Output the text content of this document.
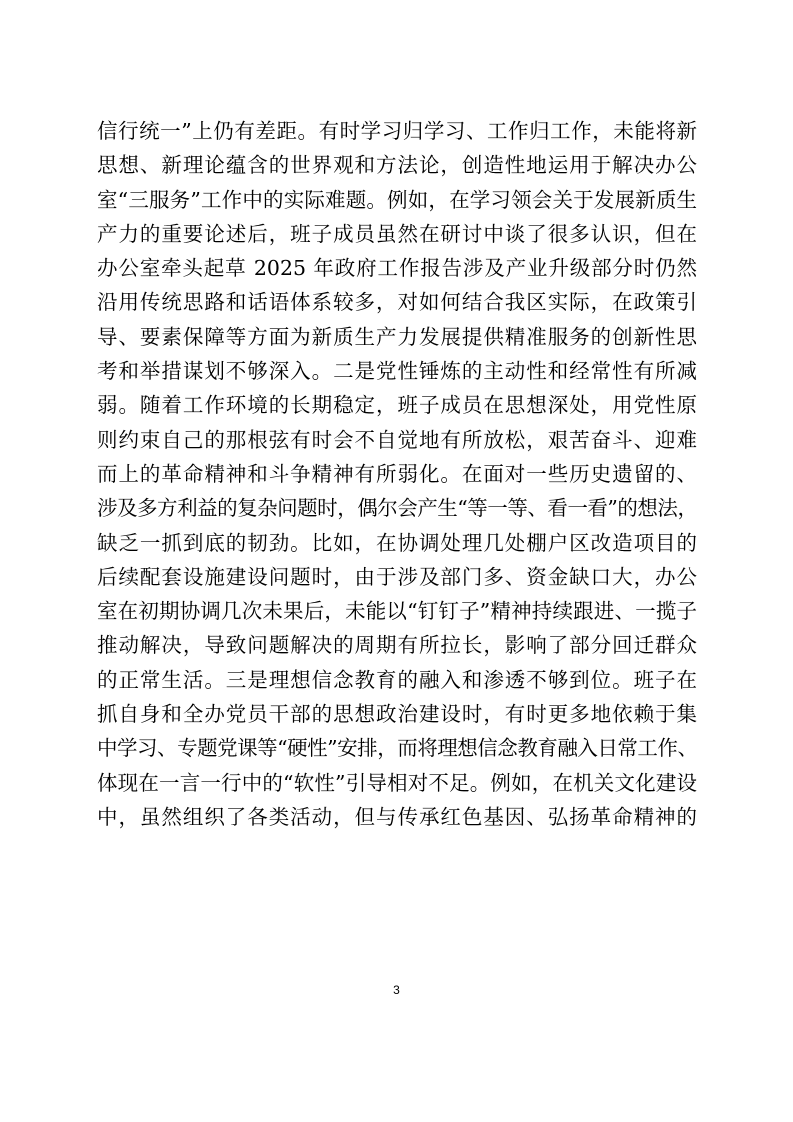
信行统一”上仍有差距。有时学习归学习、工作归工作，未能将新
思想、新理论蕴含的世界观和方法论，创造性地运用于解决办公
室“三服务”工作中的实际难题。例如，在学习领会关于发展新质生
产力的重要论述后，班子成员虽然在研讨中谈了很多认识，但在
办公室牵头起草 2025 年政府工作报告涉及产业升级部分时仍然
沿用传统思路和话语体系较多，对如何结合我区实际，在政策引
导、要素保障等方面为新质生产力发展提供精准服务的创新性思
考和举措谋划不够深入。二是党性锤炼的主动性和经常性有所减
弱。随着工作环境的长期稳定，班子成员在思想深处，用党性原
则约束自己的那根弦有时会不自觉地有所放松，艰苦奋斗、迎难
而上的革命精神和斗争精神有所弱化。在面对一些历史遗留的、
涉及多方利益的复杂问题时，偶尔会产生“等一等、看一看”的想法，
缺乏一抓到底的韧劲。比如，在协调处理几处棚户区改造项目的
后续配套设施建设问题时，由于涉及部门多、资金缺口大，办公
室在初期协调几次未果后，未能以“钉钉子”精神持续跟进、一揽子
推动解决，导致问题解决的周期有所拉长，影响了部分回迁群众
的正常生活。三是理想信念教育的融入和渗透不够到位。班子在
抓自身和全办党员干部的思想政治建设时，有时更多地依赖于集
中学习、专题党课等“硬性”安排，而将理想信念教育融入日常工作、
体现在一言一行中的“软性”引导相对不足。例如，在机关文化建设
中，虽然组织了各类活动，但与传承红色基因、弘扬革命精神的
3
